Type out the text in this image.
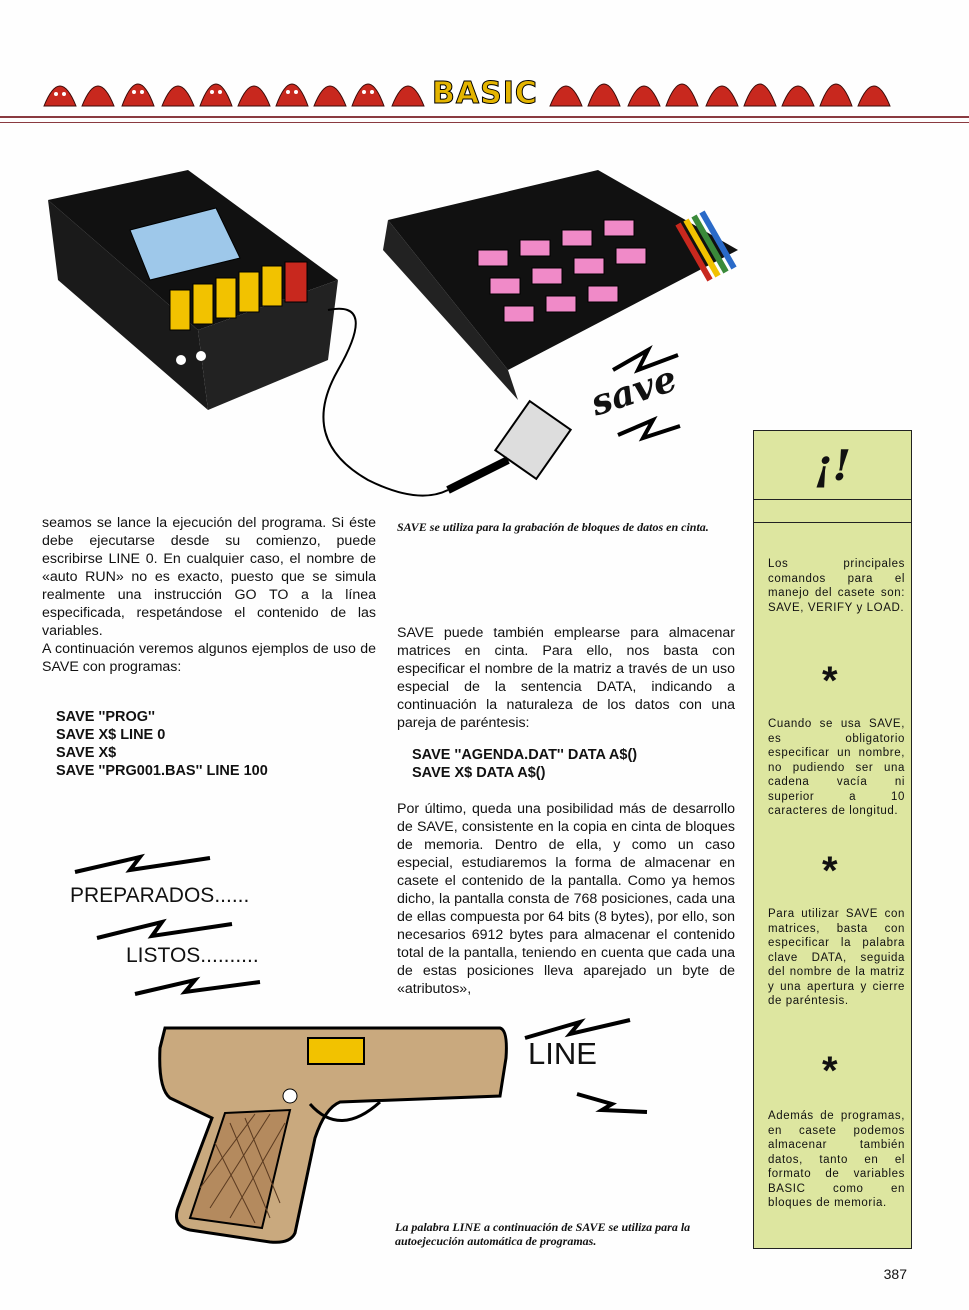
BASIC
save

seamos se lance la ejecución del programa. Si éste debe ejecutarse desde su comienzo, puede escribirse LINE 0. En cualquier caso, el nombre de «auto RUN» no es exacto, puesto que se simula realmente una instrucción GO TO a la línea especificada, respetándose el contenido de las variables.

A continuación veremos algunos ejemplos de uso de SAVE con programas:

SAVE ''PROG''
SAVE X$ LINE 0
SAVE X$
SAVE ''PRG001.BAS'' LINE 100
PREPARADOS......
LISTOS..........
SAVE se utiliza para la grabación de bloques de datos en cinta.
SAVE puede también emplearse para almacenar matrices en cinta. Para ello, nos basta con especificar el nombre de la matriz a través de un uso especial de la sentencia DATA, indicando a continuación la naturaleza de los datos con una pareja de paréntesis:
SAVE ''AGENDA.DAT'' DATA A$()
SAVE X$ DATA A$()
Por último, queda una posibilidad más de desarrollo de SAVE, consistente en la copia en cinta de bloques de memoria. Dentro de ella, y como un caso especial, estudiaremos la forma de almacenar en casete el contenido de la pantalla. Como ya hemos dicho, la pantalla consta de 768 posiciones, cada una de ellas compuesta por 64 bits (8 bytes), por ello, son necesarios 6912 bytes para almacenar el contenido total de la pantalla, teniendo en cuenta que cada una de estas posiciones lleva aparejado un byte de «atributos»,
LINE
La palabra LINE a continuación de SAVE se utiliza para la autoejecución automática de programas.
¡!
Los principales comandos para el manejo del casete son: SAVE, VERIFY y LOAD.
*
Cuando se usa SAVE, es obligatorio especificar un nombre, no pudiendo ser una cadena vacía ni superior a 10 caracteres de longitud.
*
Para utilizar SAVE con matrices, basta con especificar la palabra clave DATA, seguida del nombre de la matriz y una apertura y cierre de paréntesis.
*
Además de programas, en casete podemos almacenar también datos, tanto en el formato de variables BASIC como en bloques de memoria.
387
